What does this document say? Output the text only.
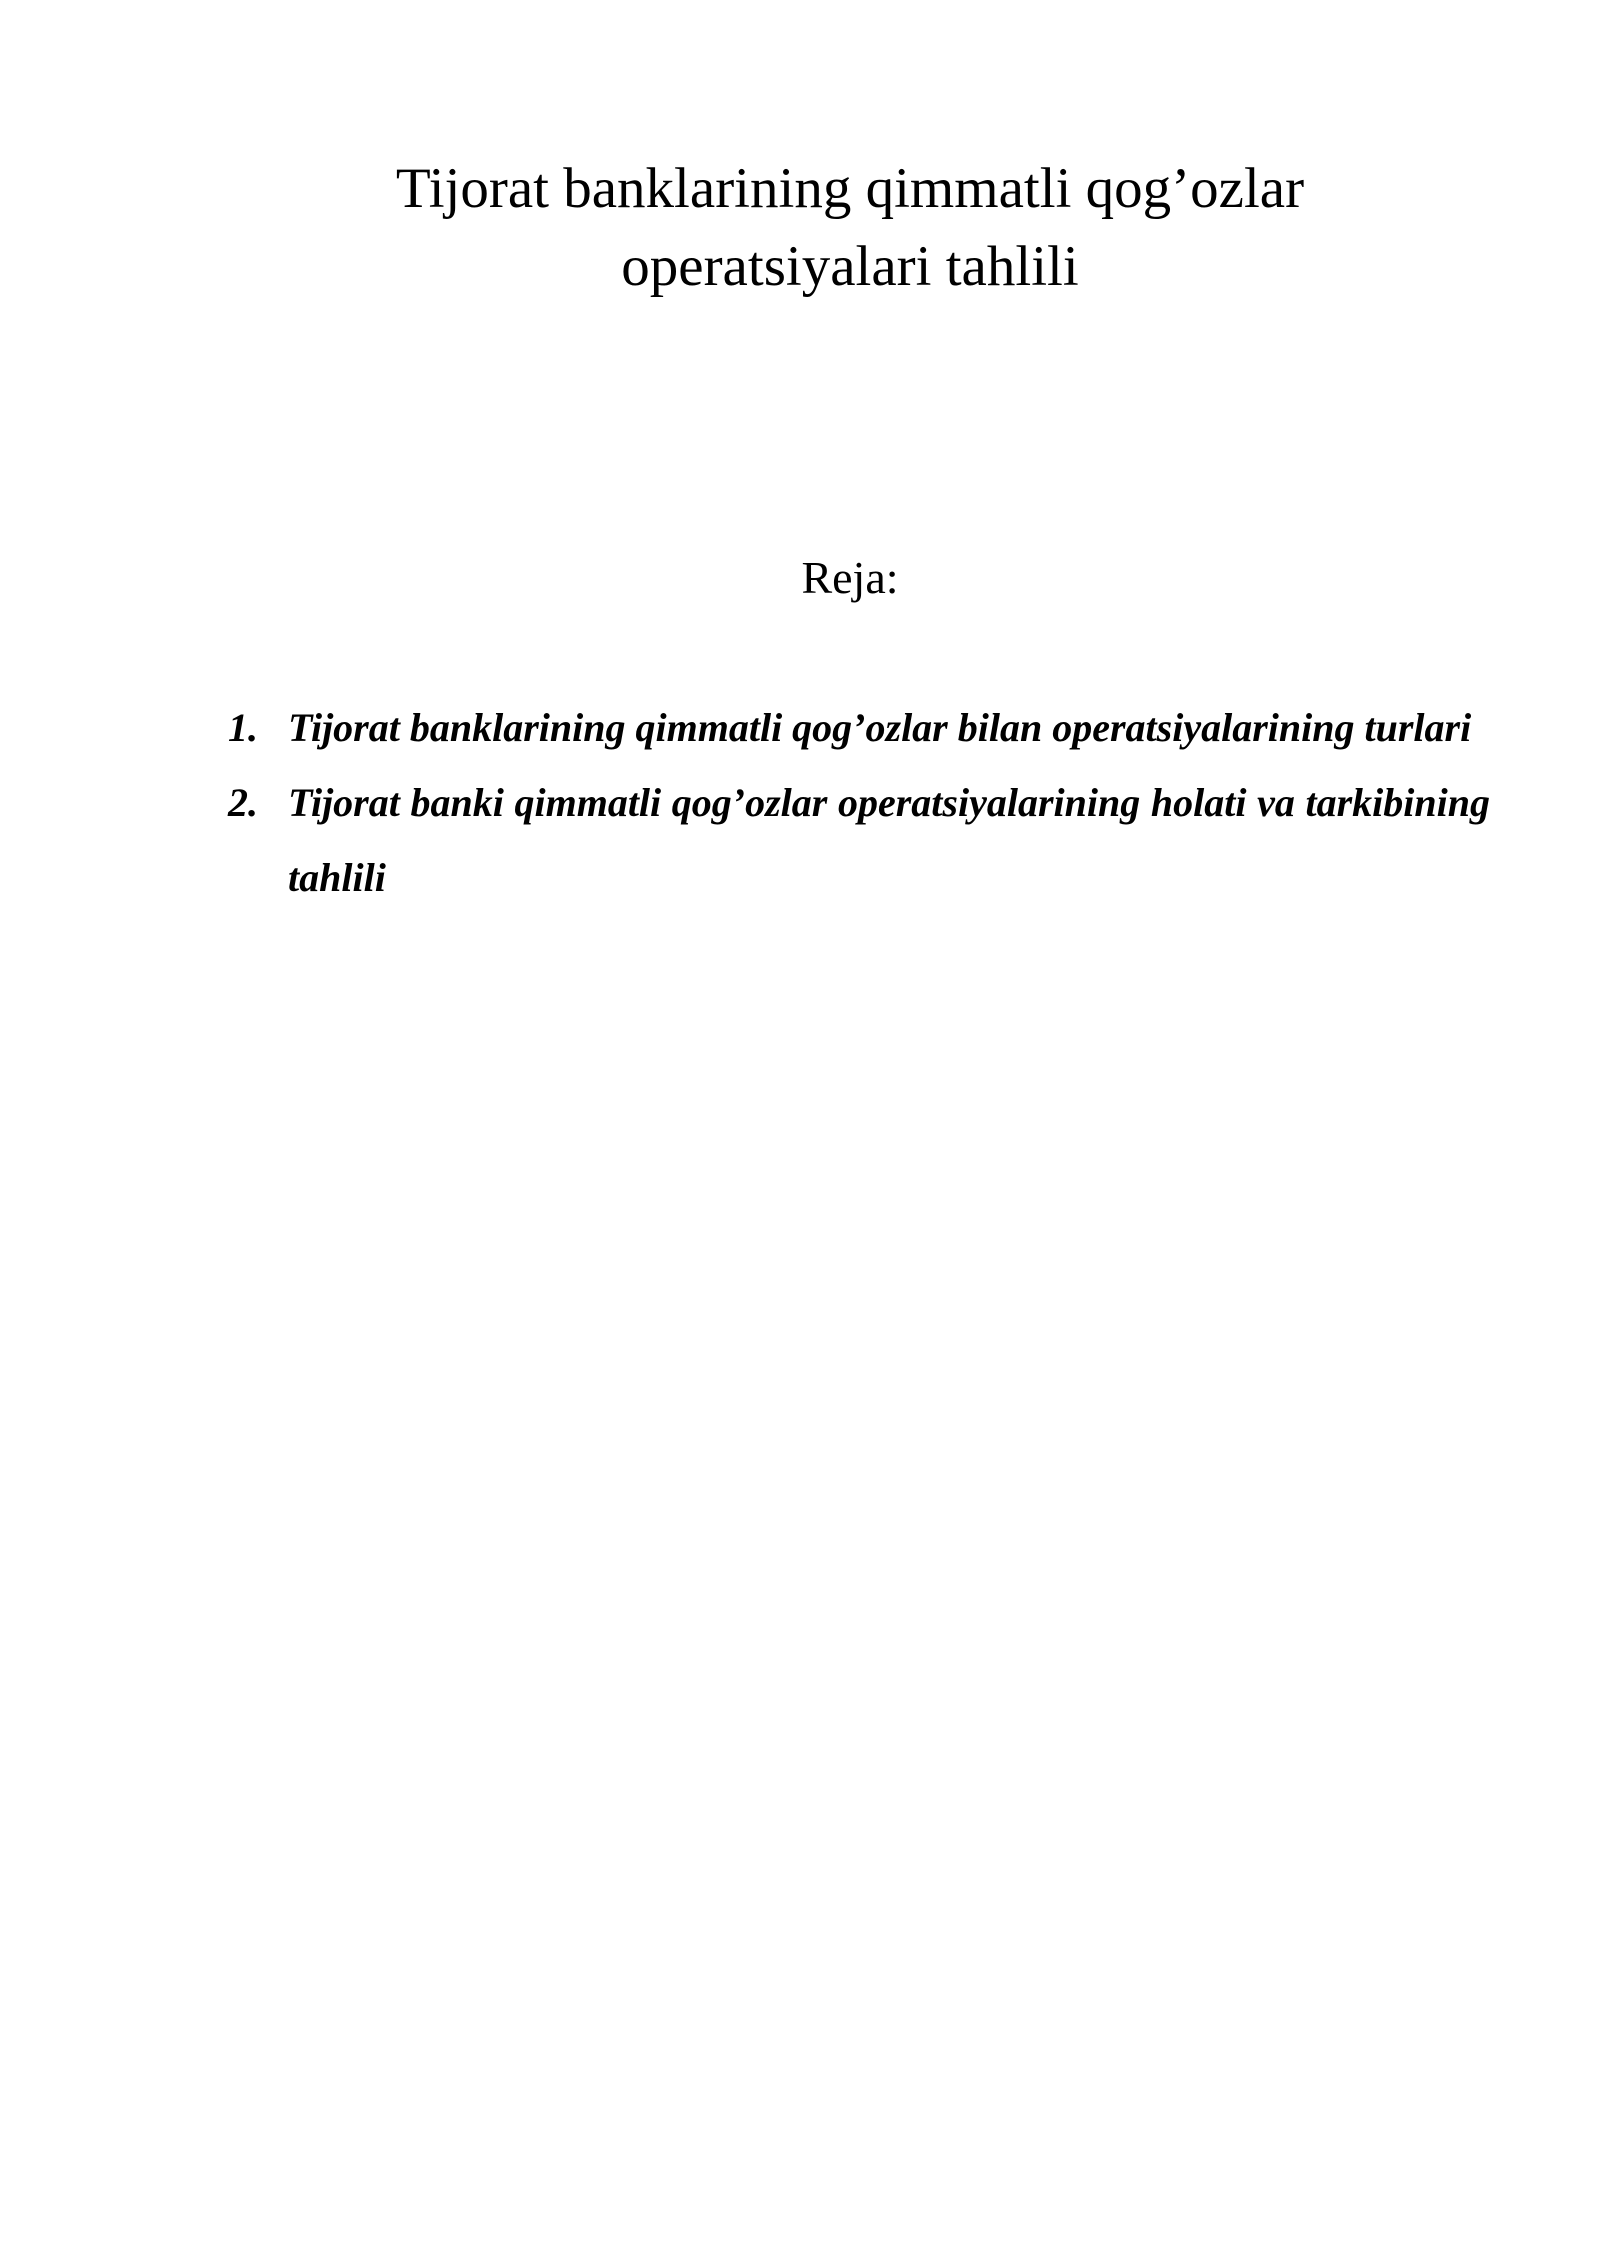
Tijorat banklarining qimmatli qog’ozlar
operatsiyalari tahlili

Reja:

1. Tijorat banklarining qimmatli qog’ozlar bilan operatsiyalarining turlari
2. Tijorat banki qimmatli qog’ozlar operatsiyalarining holati va tarkibining tahlili
